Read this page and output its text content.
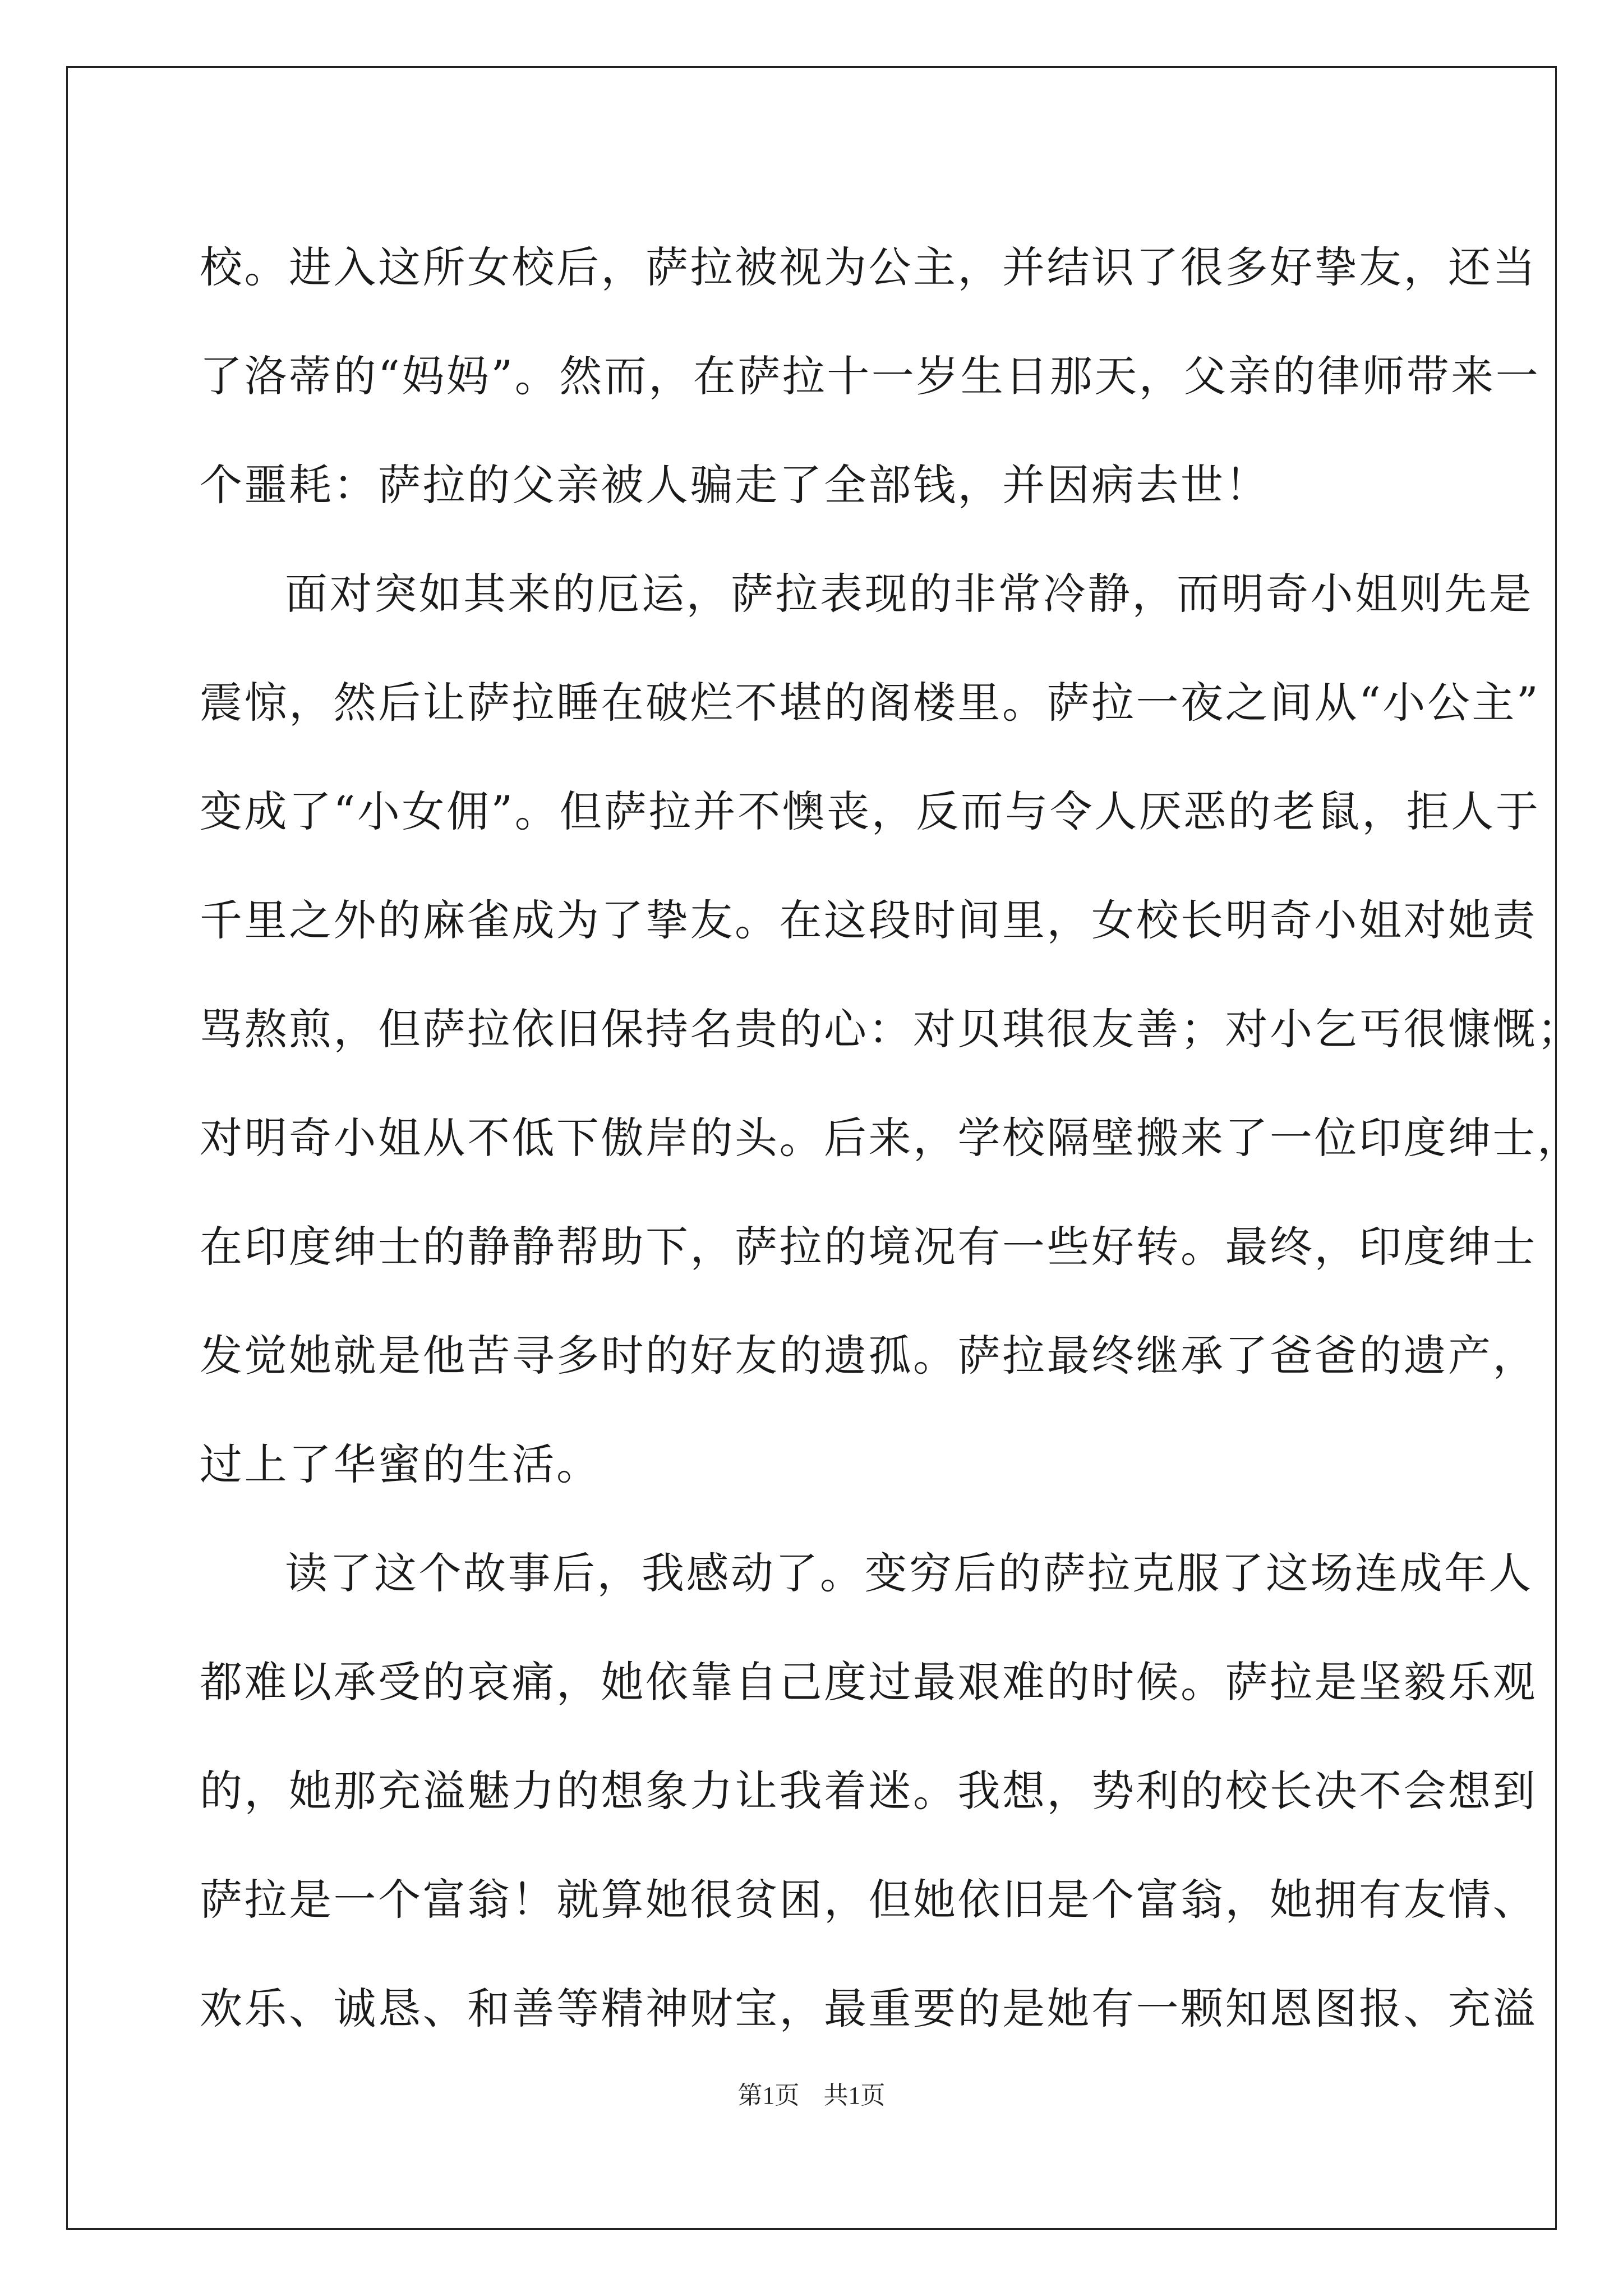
校。进入这所女校后，萨拉被视为公主，并结识了很多好挚友，还当
了洛蒂的“妈妈”。然而，在萨拉十一岁生日那天，父亲的律师带来一
个噩耗：萨拉的父亲被人骗走了全部钱，并因病去世！
面对突如其来的厄运，萨拉表现的非常冷静，而明奇小姐则先是
震惊，然后让萨拉睡在破烂不堪的阁楼里。萨拉一夜之间从“小公主”
变成了“小女佣”。但萨拉并不懊丧，反而与令人厌恶的老鼠，拒人于
千里之外的麻雀成为了挚友。在这段时间里，女校长明奇小姐对她责
骂熬煎，但萨拉依旧保持名贵的心：对贝琪很友善；对小乞丐很慷慨；
对明奇小姐从不低下傲岸的头。后来，学校隔壁搬来了一位印度绅士，
在印度绅士的静静帮助下，萨拉的境况有一些好转。最终，印度绅士
发觉她就是他苦寻多时的好友的遗孤。萨拉最终继承了爸爸的遗产，
过上了华蜜的生活。
读了这个故事后，我感动了。变穷后的萨拉克服了这场连成年人
都难以承受的哀痛，她依靠自己度过最艰难的时候。萨拉是坚毅乐观
的，她那充溢魅力的想象力让我着迷。我想，势利的校长决不会想到
萨拉是一个富翁！就算她很贫困，但她依旧是个富翁，她拥有友情、
欢乐、诚恳、和善等精神财宝，最重要的是她有一颗知恩图报、充溢
第1页 共1页
